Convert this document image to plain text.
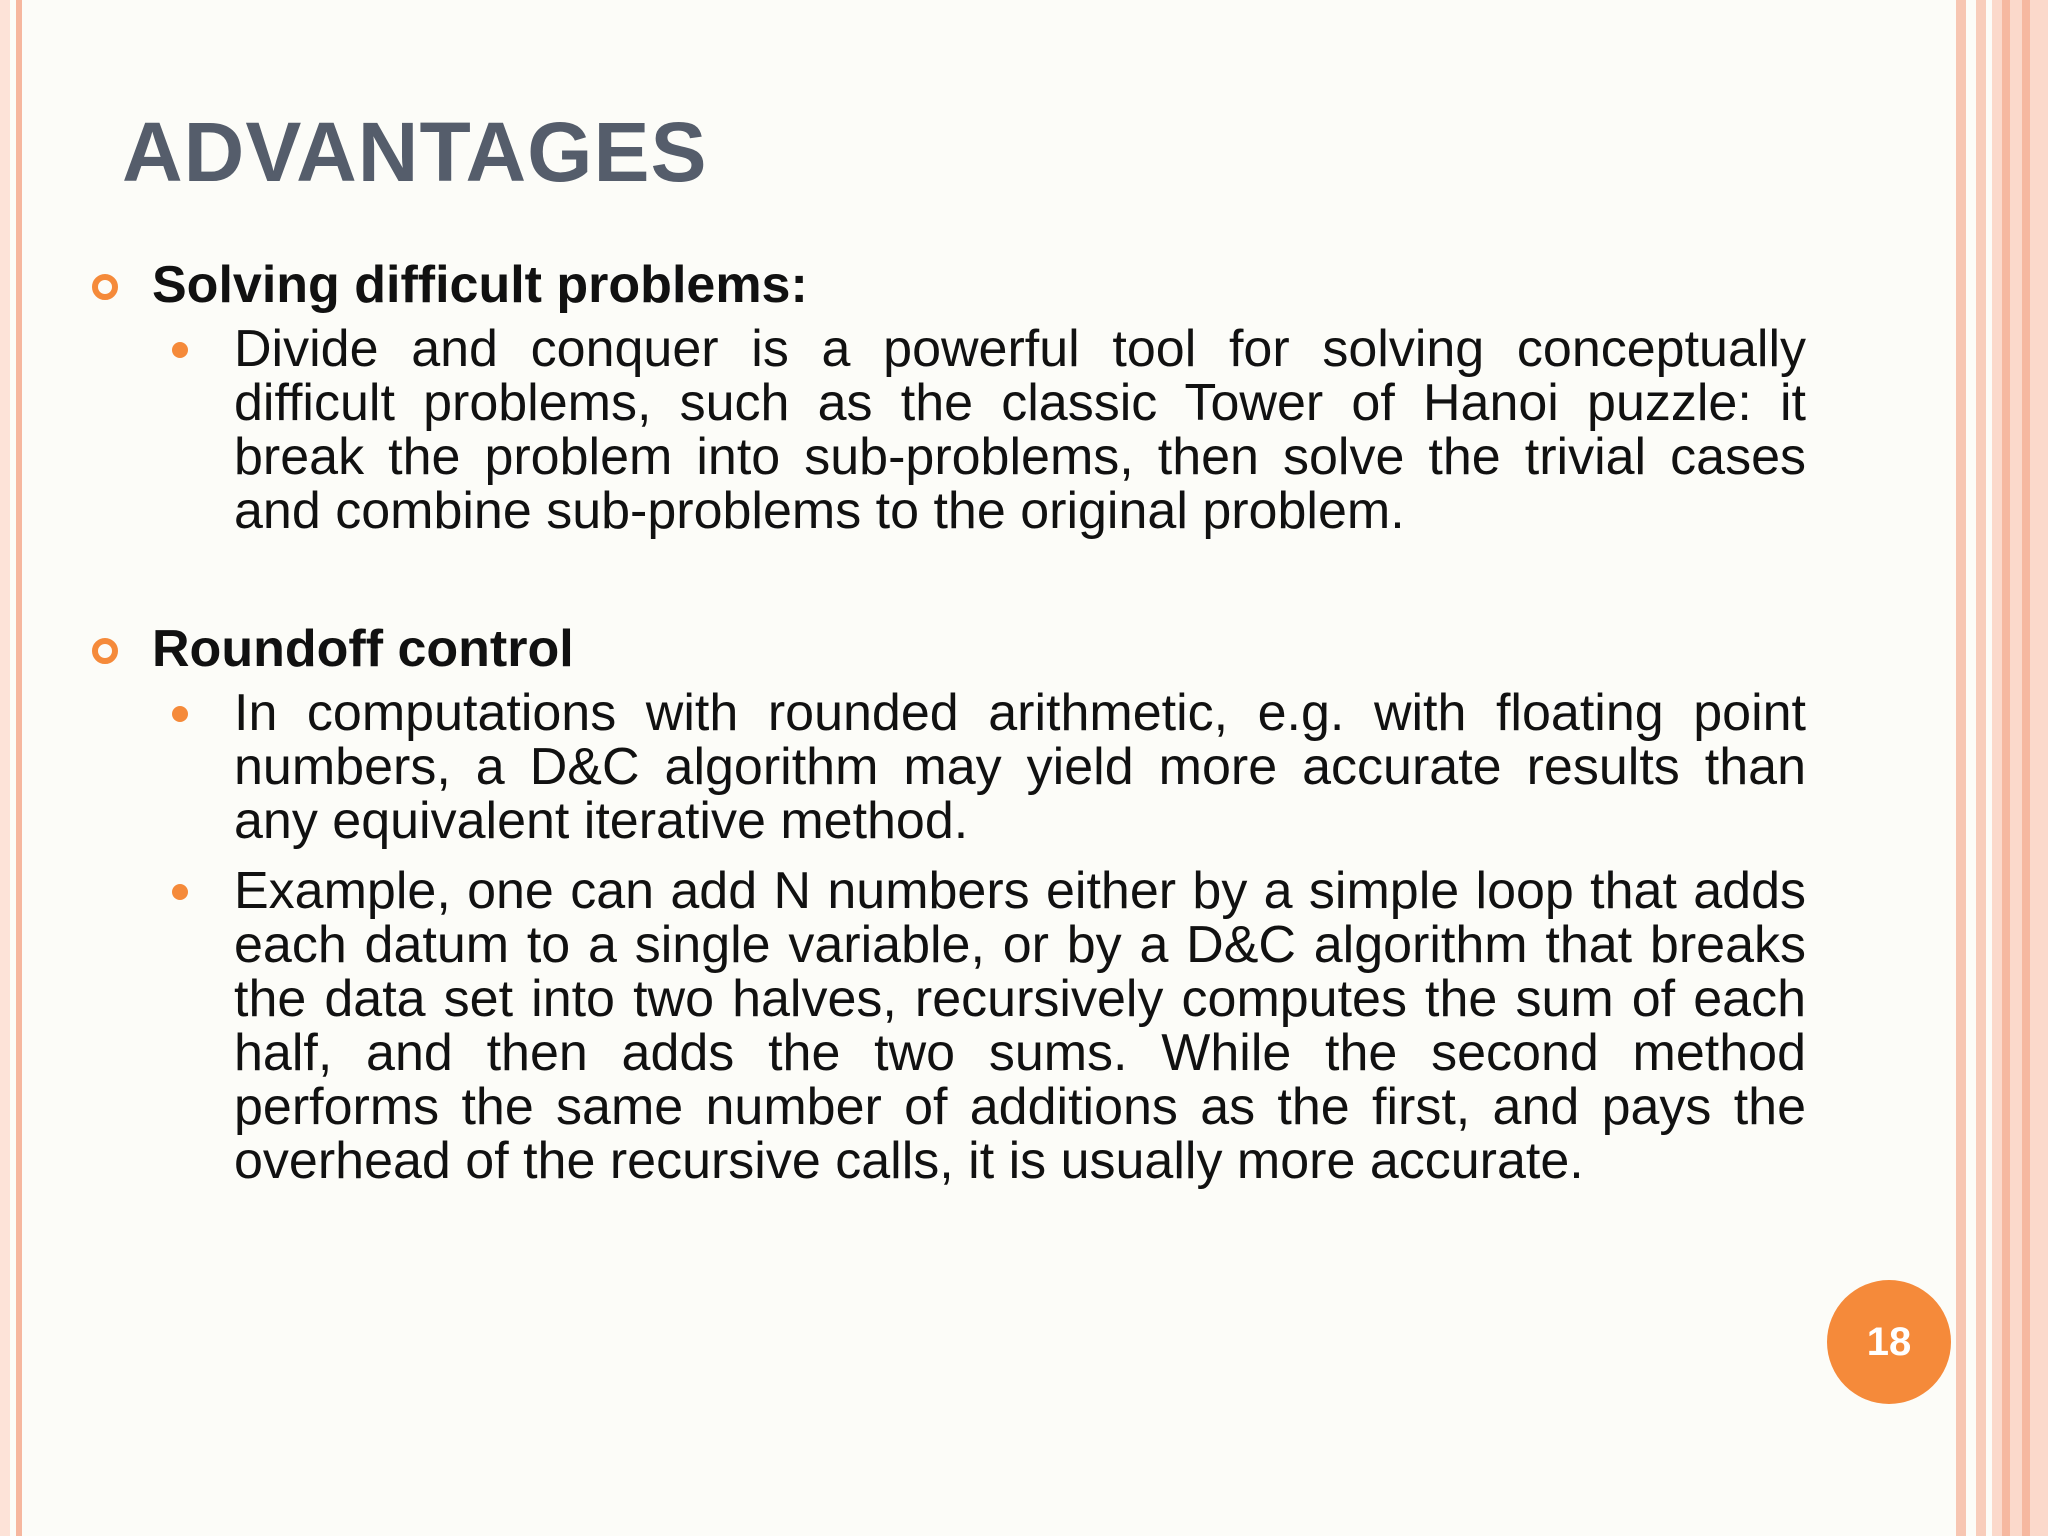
ADVANTAGES
Solving difficult problems:
Divide and conquer is a powerful tool for solving conceptually difficult problems, such as the classic Tower of Hanoi puzzle: it break the problem into sub-problems, then solve the trivial cases and combine sub-problems to the original problem.
Roundoff control
In computations with rounded arithmetic, e.g. with floating point numbers, a D&C algorithm may yield more accurate results than any equivalent iterative method.
Example, one can add N numbers either by a simple loop that adds each datum to a single variable, or by a D&C algorithm that breaks the data set into two halves, recursively computes the sum of each half, and then adds the two sums. While the second method performs the same number of additions as the first, and pays the overhead of the recursive calls, it is usually more accurate.
18
